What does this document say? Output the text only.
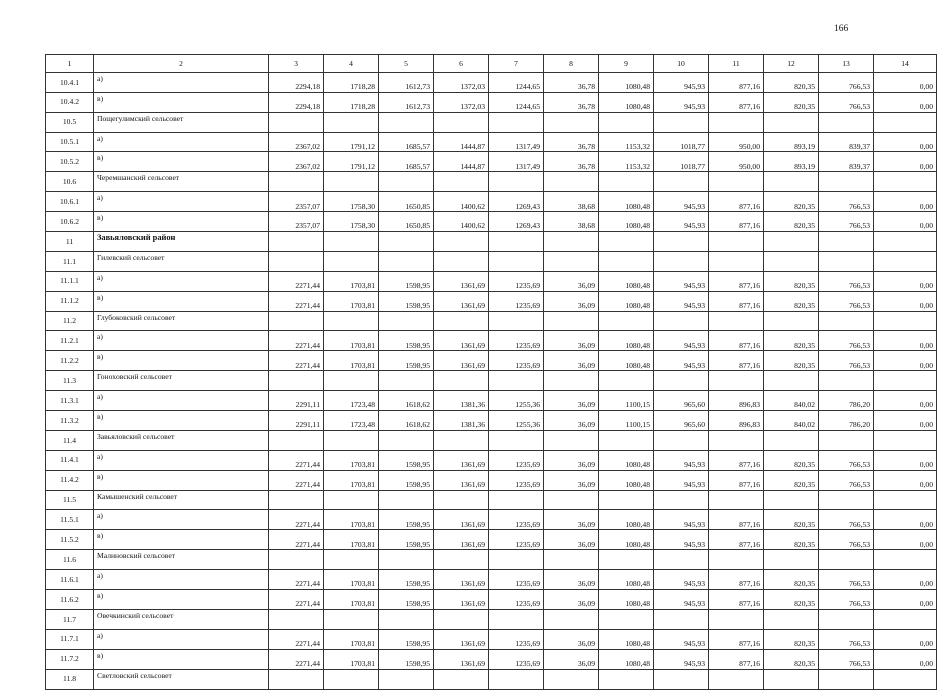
166
1	2	3	4	5	6	7	8	9	10	11	12	13	14
10.4.1	а)	2294,18	1718,28	1612,73	1372,03	1244,65	36,78	1080,48	945,93	877,16	820,35	766,53	0,00
10.4.2	в)	2294,18	1718,28	1612,73	1372,03	1244,65	36,78	1080,48	945,93	877,16	820,35	766,53	0,00
10.5	Пощегулимский сельсовет												
10.5.1	а)	2367,02	1791,12	1685,57	1444,87	1317,49	36,78	1153,32	1018,77	950,00	893,19	839,37	0,00
10.5.2	в)	2367,02	1791,12	1685,57	1444,87	1317,49	36,78	1153,32	1018,77	950,00	893,19	839,37	0,00
10.6	Черемшанский сельсовет												
10.6.1	а)	2357,07	1758,30	1650,85	1400,62	1269,43	38,68	1080,48	945,93	877,16	820,35	766,53	0,00
10.6.2	в)	2357,07	1758,30	1650,85	1400,62	1269,43	38,68	1080,48	945,93	877,16	820,35	766,53	0,00
11	Завьяловский район												
11.1	Гилевский сельсовет												
11.1.1	а)	2271,44	1703,81	1598,95	1361,69	1235,69	36,09	1080,48	945,93	877,16	820,35	766,53	0,00
11.1.2	в)	2271,44	1703,81	1598,95	1361,69	1235,69	36,09	1080,48	945,93	877,16	820,35	766,53	0,00
11.2	Глубоковский сельсовет												
11.2.1	а)	2271,44	1703,81	1598,95	1361,69	1235,69	36,09	1080,48	945,93	877,16	820,35	766,53	0,00
11.2.2	в)	2271,44	1703,81	1598,95	1361,69	1235,69	36,09	1080,48	945,93	877,16	820,35	766,53	0,00
11.3	Гонохoвский сельсовет												
11.3.1	а)	2291,11	1723,48	1618,62	1381,36	1255,36	36,09	1100,15	965,60	896,83	840,02	786,20	0,00
11.3.2	в)	2291,11	1723,48	1618,62	1381,36	1255,36	36,09	1100,15	965,60	896,83	840,02	786,20	0,00
11.4	Завьяловский сельсовет												
11.4.1	а)	2271,44	1703,81	1598,95	1361,69	1235,69	36,09	1080,48	945,93	877,16	820,35	766,53	0,00
11.4.2	в)	2271,44	1703,81	1598,95	1361,69	1235,69	36,09	1080,48	945,93	877,16	820,35	766,53	0,00
11.5	Камышенский сельсовет												
11.5.1	а)	2271,44	1703,81	1598,95	1361,69	1235,69	36,09	1080,48	945,93	877,16	820,35	766,53	0,00
11.5.2	в)	2271,44	1703,81	1598,95	1361,69	1235,69	36,09	1080,48	945,93	877,16	820,35	766,53	0,00
11.6	Малиновский сельсовет												
11.6.1	а)	2271,44	1703,81	1598,95	1361,69	1235,69	36,09	1080,48	945,93	877,16	820,35	766,53	0,00
11.6.2	в)	2271,44	1703,81	1598,95	1361,69	1235,69	36,09	1080,48	945,93	877,16	820,35	766,53	0,00
11.7	Овечкинский сельсовет												
11.7.1	а)	2271,44	1703,81	1598,95	1361,69	1235,69	36,09	1080,48	945,93	877,16	820,35	766,53	0,00
11.7.2	в)	2271,44	1703,81	1598,95	1361,69	1235,69	36,09	1080,48	945,93	877,16	820,35	766,53	0,00
11.8	Светловский сельсовет												
